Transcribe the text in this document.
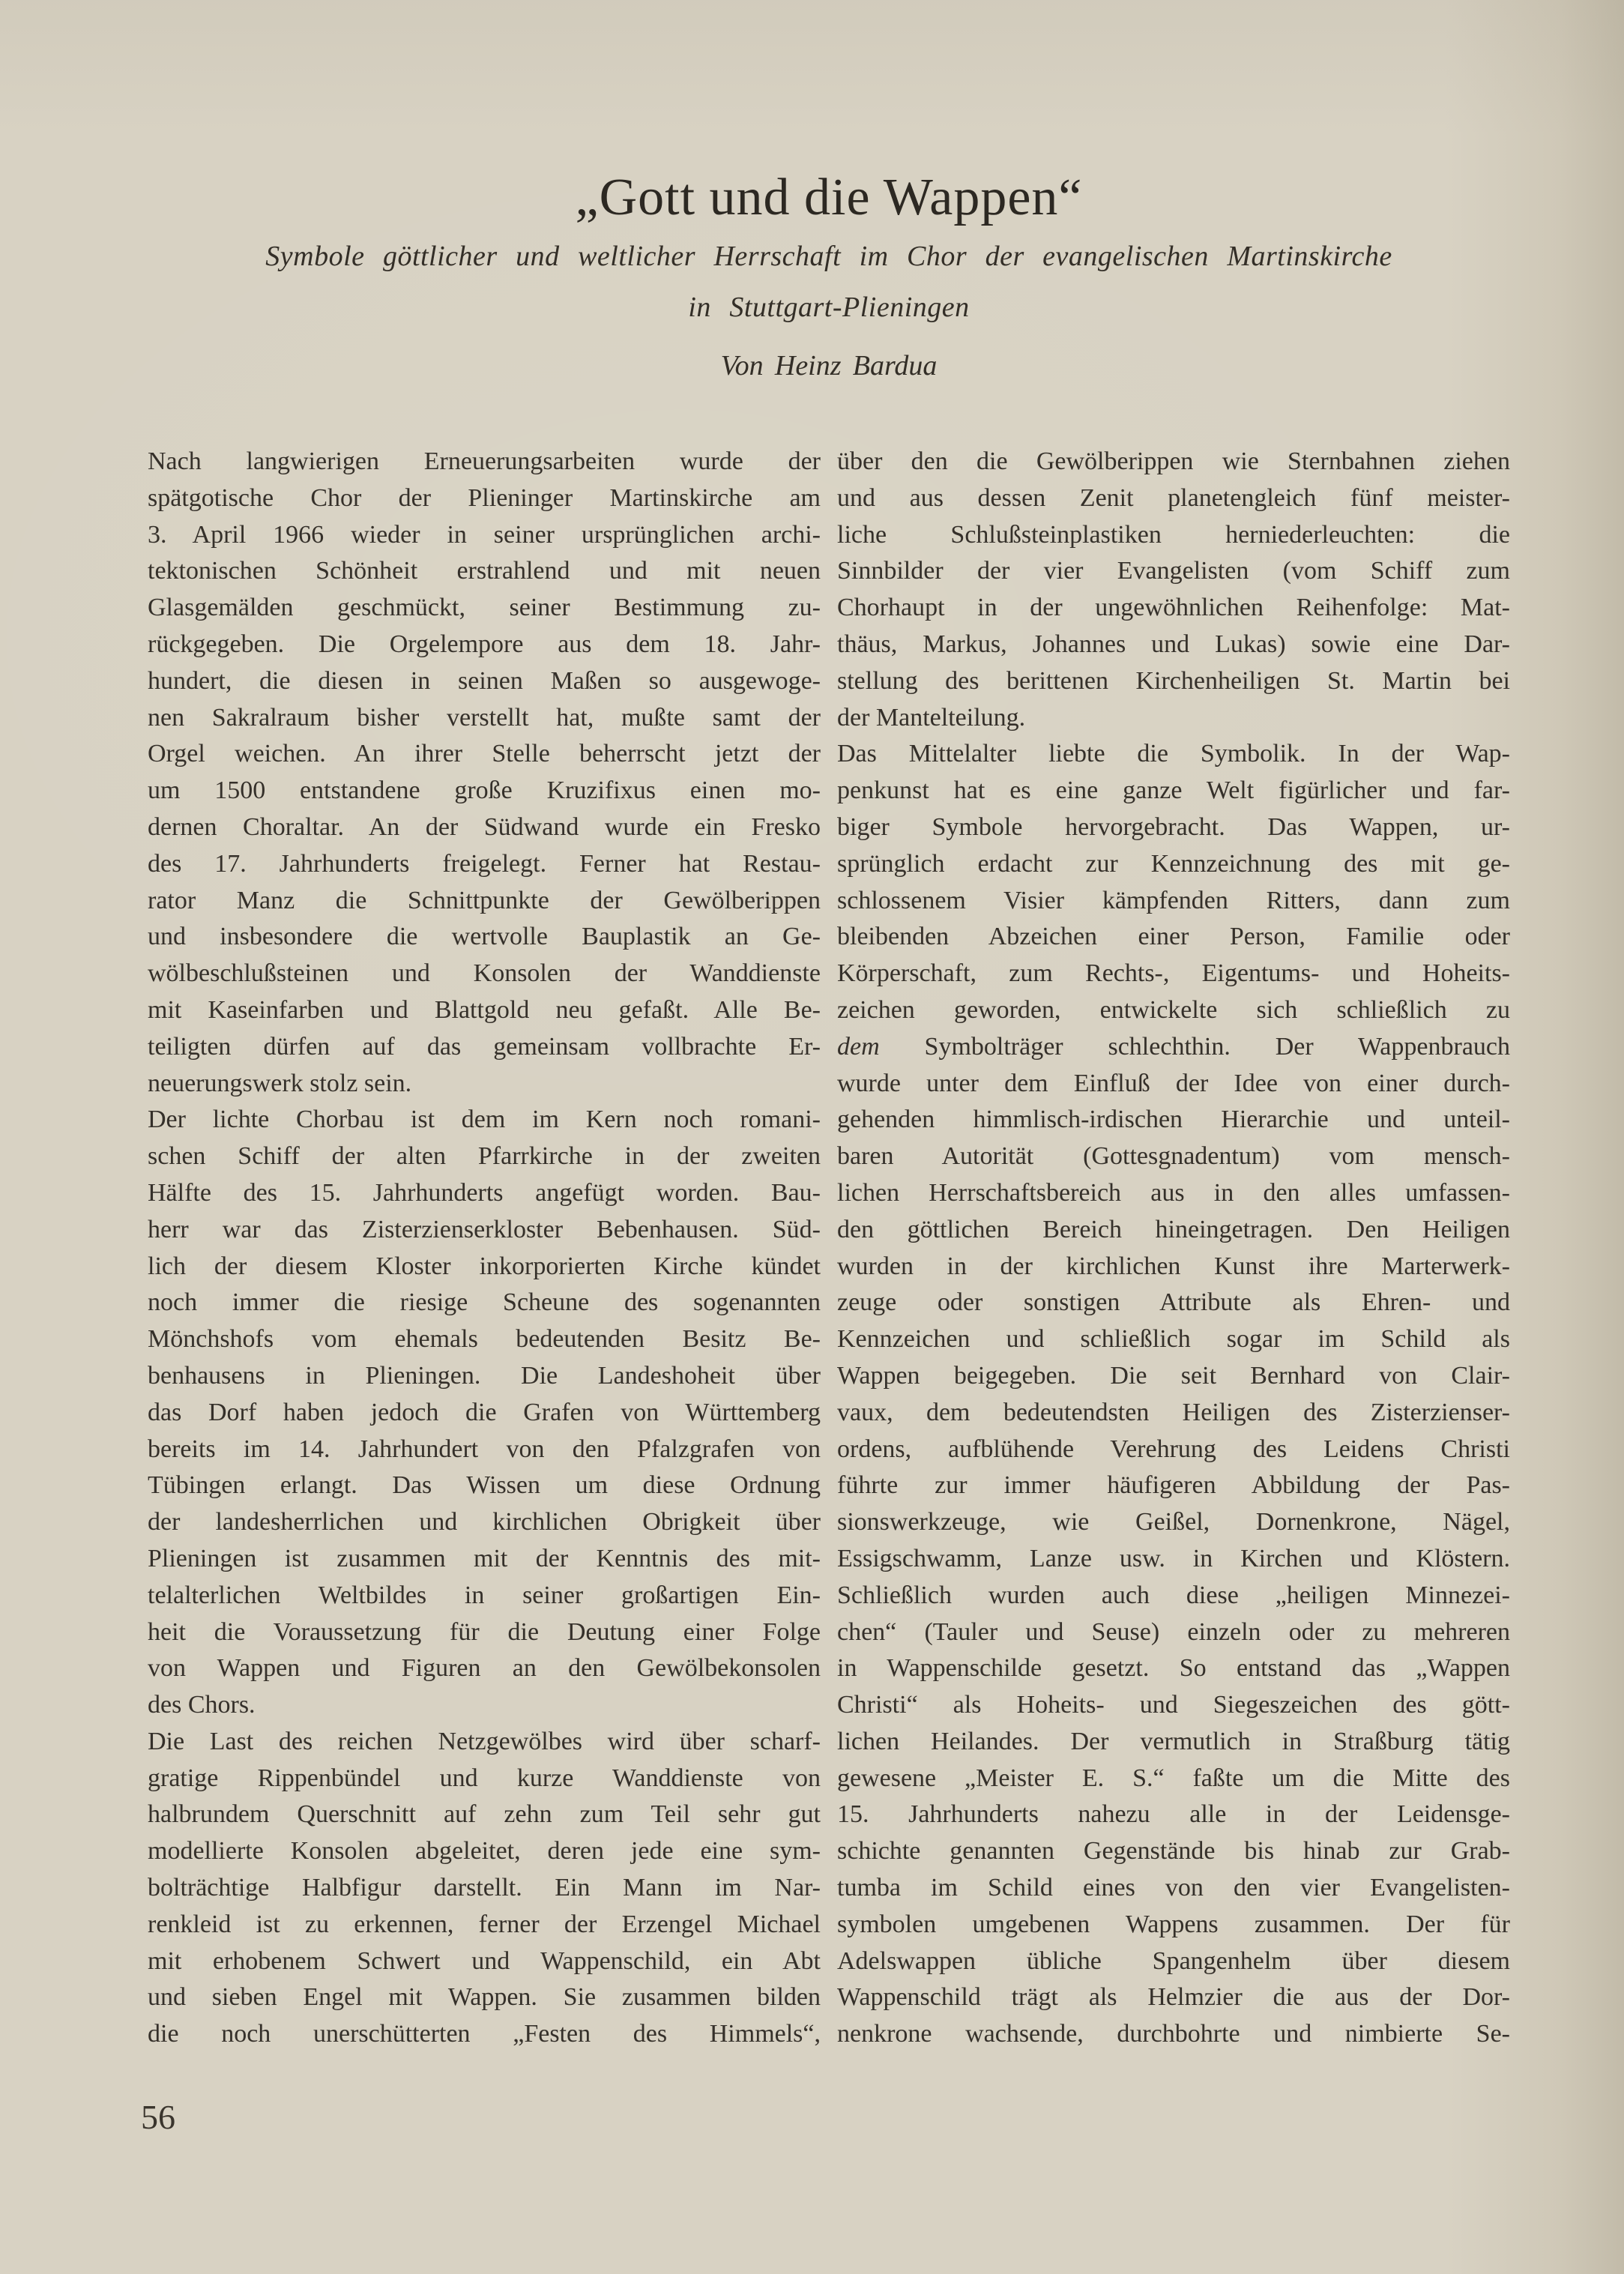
„Gott und die Wappen“
Symbole göttlicher und weltlicher Herrschaft im Chor der evangelischen Martinskirche
in Stuttgart-Plieningen
Von Heinz Bardua
Nach langwierigen Erneuerungsarbeiten wurde der
spätgotische Chor der Plieninger Martinskirche am
3. April 1966 wieder in seiner ursprünglichen archi-
tektonischen Schönheit erstrahlend und mit neuen
Glasgemälden geschmückt, seiner Bestimmung zu-
rückgegeben. Die Orgelempore aus dem 18. Jahr-
hundert, die diesen in seinen Maßen so ausgewoge-
nen Sakralraum bisher verstellt hat, mußte samt der
Orgel weichen. An ihrer Stelle beherrscht jetzt der
um 1500 entstandene große Kruzifixus einen mo-
dernen Choraltar. An der Südwand wurde ein Fresko
des 17. Jahrhunderts freigelegt. Ferner hat Restau-
rator Manz die Schnittpunkte der Gewölberippen
und insbesondere die wertvolle Bauplastik an Ge-
wölbeschlußsteinen und Konsolen der Wanddienste
mit Kaseinfarben und Blattgold neu gefaßt. Alle Be-
teiligten dürfen auf das gemeinsam vollbrachte Er-
neuerungswerk stolz sein.
Der lichte Chorbau ist dem im Kern noch romani-
schen Schiff der alten Pfarrkirche in der zweiten
Hälfte des 15. Jahrhunderts angefügt worden. Bau-
herr war das Zisterzienserkloster Bebenhausen. Süd-
lich der diesem Kloster inkorporierten Kirche kündet
noch immer die riesige Scheune des sogenannten
Mönchshofs vom ehemals bedeutenden Besitz Be-
benhausens in Plieningen. Die Landeshoheit über
das Dorf haben jedoch die Grafen von Württemberg
bereits im 14. Jahrhundert von den Pfalzgrafen von
Tübingen erlangt. Das Wissen um diese Ordnung
der landesherrlichen und kirchlichen Obrigkeit über
Plieningen ist zusammen mit der Kenntnis des mit-
telalterlichen Weltbildes in seiner großartigen Ein-
heit die Voraussetzung für die Deutung einer Folge
von Wappen und Figuren an den Gewölbekonsolen
des Chors.
Die Last des reichen Netzgewölbes wird über scharf-
gratige Rippenbündel und kurze Wanddienste von
halbrundem Querschnitt auf zehn zum Teil sehr gut
modellierte Konsolen abgeleitet, deren jede eine sym-
bolträchtige Halbfigur darstellt. Ein Mann im Nar-
renkleid ist zu erkennen, ferner der Erzengel Michael
mit erhobenem Schwert und Wappenschild, ein Abt
und sieben Engel mit Wappen. Sie zusammen bilden
die noch unerschütterten „Festen des Himmels“,
über den die Gewölberippen wie Sternbahnen ziehen
und aus dessen Zenit planetengleich fünf meister-
liche Schlußsteinplastiken herniederleuchten: die
Sinnbilder der vier Evangelisten (vom Schiff zum
Chorhaupt in der ungewöhnlichen Reihenfolge: Mat-
thäus, Markus, Johannes und Lukas) sowie eine Dar-
stellung des berittenen Kirchenheiligen St. Martin bei
der Mantelteilung.
Das Mittelalter liebte die Symbolik. In der Wap-
penkunst hat es eine ganze Welt figürlicher und far-
biger Symbole hervorgebracht. Das Wappen, ur-
sprünglich erdacht zur Kennzeichnung des mit ge-
schlossenem Visier kämpfenden Ritters, dann zum
bleibenden Abzeichen einer Person, Familie oder
Körperschaft, zum Rechts-, Eigentums- und Hoheits-
zeichen geworden, entwickelte sich schließlich zu
dem Symbolträger schlechthin. Der Wappenbrauch
wurde unter dem Einfluß der Idee von einer durch-
gehenden himmlisch-irdischen Hierarchie und unteil-
baren Autorität (Gottesgnadentum) vom mensch-
lichen Herrschaftsbereich aus in den alles umfassen-
den göttlichen Bereich hineingetragen. Den Heiligen
wurden in der kirchlichen Kunst ihre Marterwerk-
zeuge oder sonstigen Attribute als Ehren- und
Kennzeichen und schließlich sogar im Schild als
Wappen beigegeben. Die seit Bernhard von Clair-
vaux, dem bedeutendsten Heiligen des Zisterzienser-
ordens, aufblühende Verehrung des Leidens Christi
führte zur immer häufigeren Abbildung der Pas-
sionswerkzeuge, wie Geißel, Dornenkrone, Nägel,
Essigschwamm, Lanze usw. in Kirchen und Klöstern.
Schließlich wurden auch diese „heiligen Minnezei-
chen“ (Tauler und Seuse) einzeln oder zu mehreren
in Wappenschilde gesetzt. So entstand das „Wappen
Christi“ als Hoheits- und Siegeszeichen des gött-
lichen Heilandes. Der vermutlich in Straßburg tätig
gewesene „Meister E. S.“ faßte um die Mitte des
15. Jahrhunderts nahezu alle in der Leidensge-
schichte genannten Gegenstände bis hinab zur Grab-
tumba im Schild eines von den vier Evangelisten-
symbolen umgebenen Wappens zusammen. Der für
Adelswappen übliche Spangenhelm über diesem
Wappenschild trägt als Helmzier die aus der Dor-
nenkrone wachsende, durchbohrte und nimbierte Se-
56
